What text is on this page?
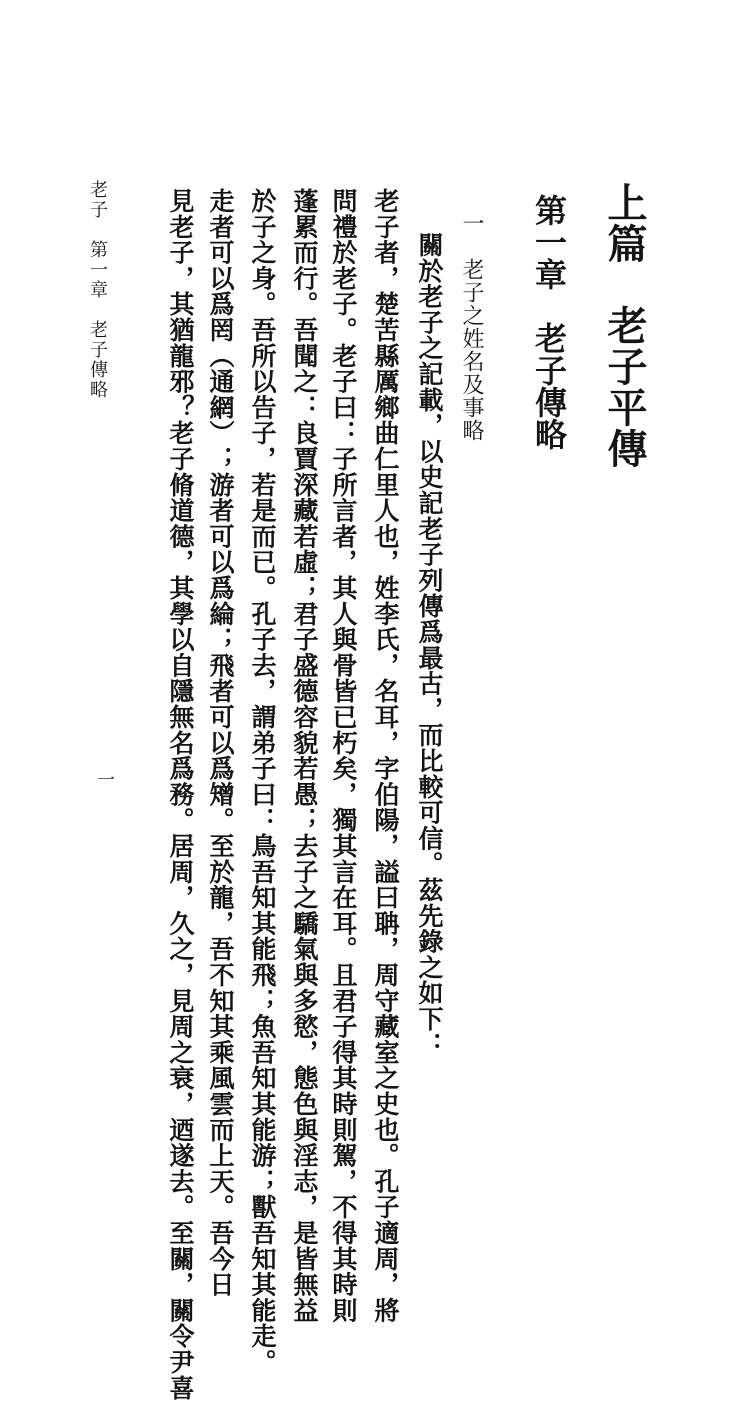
上篇　老子平傳
第一章　老子傳略
一　老子之姓名及事略
關於老子之記載，以史記老子列傳爲最古，而比較可信。茲先錄之如下：
老子者，楚苦縣厲鄉曲仁里人也，姓李氏，名耳，字伯陽，謚曰聃，周守藏室之史也。孔子適周，將
問禮於老子。老子曰：子所言者，其人與骨皆已朽矣，獨其言在耳。且君子得其時則駕，不得其時則
蓬累而行。吾聞之：良賈深藏若虛；君子盛德容貌若愚；去子之驕氣與多慾，態色與淫志，是皆無益
於子之身。吾所以告子，若是而已。孔子去，謂弟子曰：鳥吾知其能飛；魚吾知其能游；獸吾知其能走。
走者可以爲罔（通網）；游者可以爲綸；飛者可以爲矰。至於龍，吾不知其乘風雲而上天。吾今日
見老子，其猶龍邪？老子脩道德，其學以自隱無名爲務。居周，久之，見周之衰，迺遂去。至關，關令尹喜
老子　第一章　老子傳略
一
